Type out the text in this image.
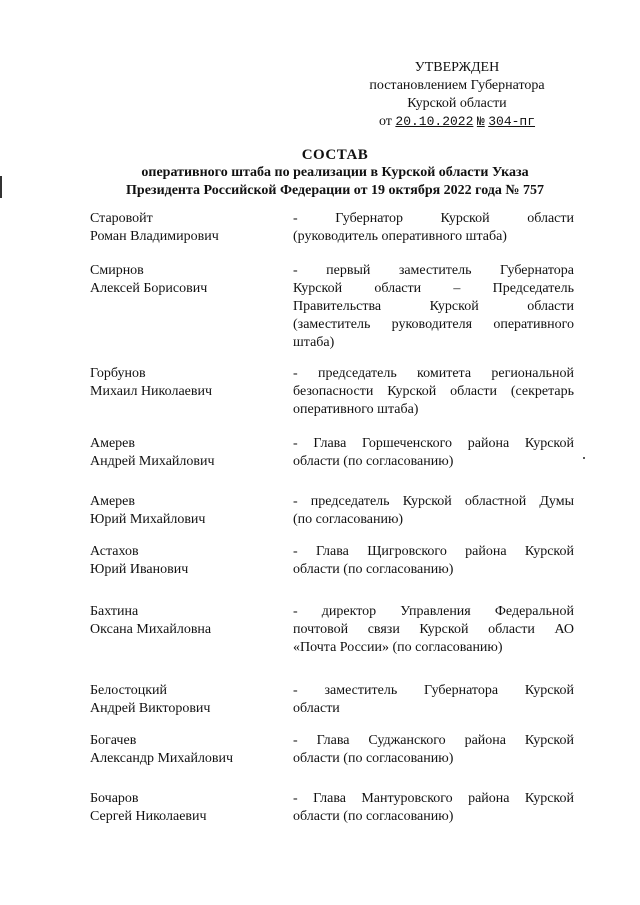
УТВЕРЖДЕН
постановлением Губернатора
Курской области
от 20.10.2022 № 304-пг
СОСТАВ
оперативного штаба по реализации в Курской области Указа
Президента Российской Федерации от 19 октября 2022 года № 757
Старовойт
Роман Владимирович
- Губернатор Курской области
(руководитель оперативного штаба)
Смирнов
Алексей Борисович
- первый заместитель Губернатора
Курской области – Председатель
Правительства Курской области
(заместитель руководителя оперативного
штаба)
Горбунов
Михаил Николаевич
- председатель комитета региональной
безопасности Курской области (секретарь
оперативного штаба)
Амерев
Андрей Михайлович
- Глава Горшеченского района Курской
области (по согласованию)
Амерев
Юрий Михайлович
- председатель Курской областной Думы
(по согласованию)
Астахов
Юрий Иванович
- Глава Щигровского района Курской
области (по согласованию)
Бахтина
Оксана Михайловна
- директор Управления Федеральной
почтовой связи Курской области АО
«Почта России» (по согласованию)
Белостоцкий
Андрей Викторович
- заместитель Губернатора Курской
области
Богачев
Александр Михайлович
- Глава Суджанского района Курской
области (по согласованию)
Бочаров
Сергей Николаевич
- Глава Мантуровского района Курской
области (по согласованию)
